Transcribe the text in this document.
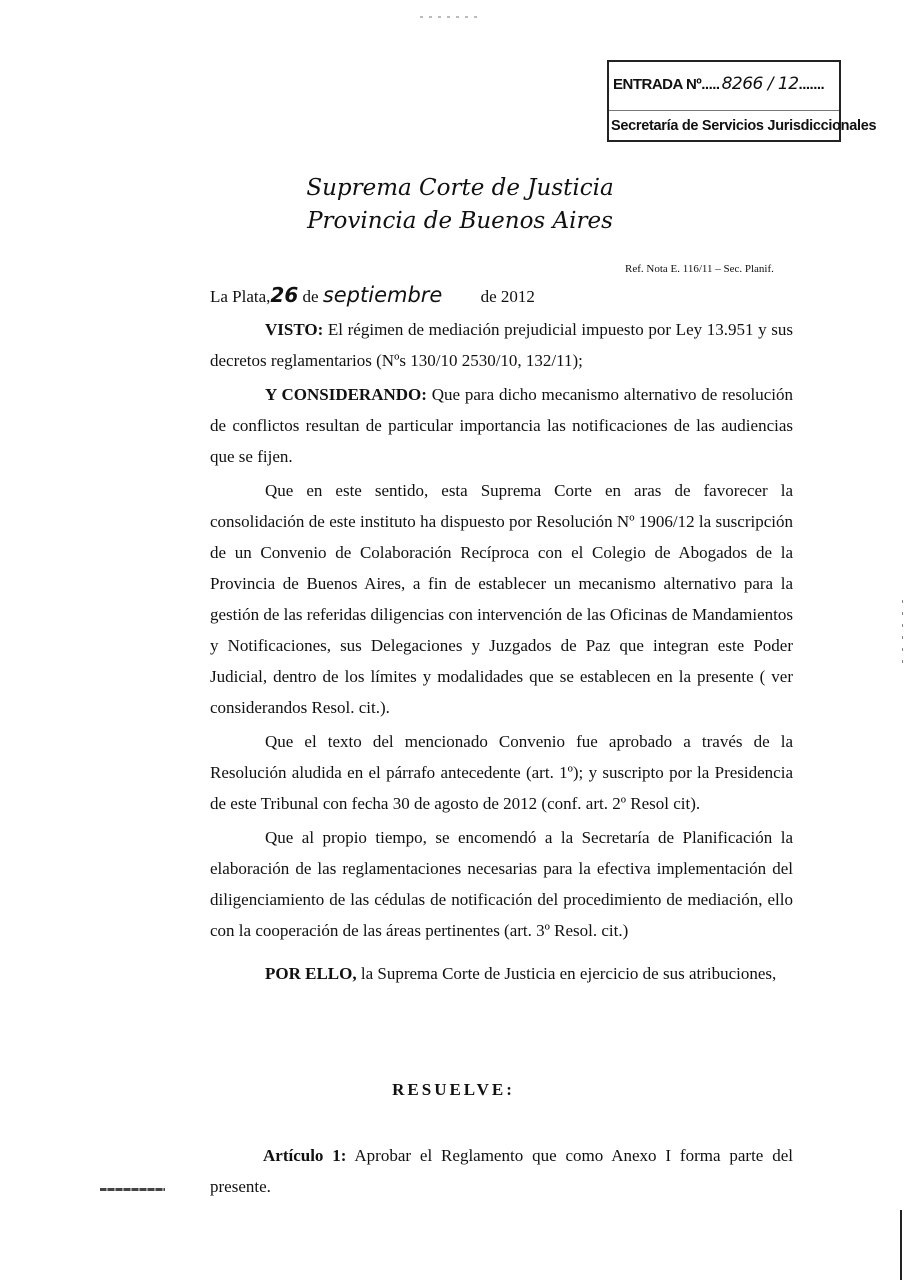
ENTRADA Nº..... 8266 / 12.......
Secretaría de Servicios Jurisdiccionales
Suprema Corte de Justicia
Provincia de Buenos Aires
Ref. Nota E. 116/11 – Sec. Planif.
La Plata,26 de septiembre de 2012

VISTO: El régimen de mediación prejudicial impuesto por Ley 13.951 y sus decretos reglamentarios (Nºs 130/10 2530/10, 132/11);

Y CONSIDERANDO: Que para dicho mecanismo alternativo de resolución de conflictos resultan de particular importancia las notificaciones de las audiencias que se fijen.

Que en este sentido, esta Suprema Corte en aras de favorecer la consolidación de este instituto ha dispuesto por Resolución Nº 1906/12 la suscripción de un Convenio de Colaboración Recíproca con el Colegio de Abogados de la Provincia de Buenos Aires, a fin de establecer un mecanismo alternativo para la gestión de las referidas diligencias con intervención de las Oficinas de Mandamientos y Notificaciones, sus Delegaciones y Juzgados de Paz que integran este Poder Judicial, dentro de los límites y modalidades que se establecen en la presente ( ver considerandos Resol. cit.).

Que el texto del mencionado Convenio fue aprobado a través de la Resolución aludida en el párrafo antecedente (art. 1º); y suscripto por la Presidencia de este Tribunal con fecha 30 de agosto de 2012 (conf. art. 2º Resol cit).

Que al propio tiempo, se encomendó a la Secretaría de Planificación la elaboración de las reglamentaciones necesarias para la efectiva implementación del diligenciamiento de las cédulas de notificación del procedimiento de mediación, ello con la cooperación de las áreas pertinentes (art. 3º Resol. cit.)

POR ELLO, la Suprema Corte de Justicia en ejercicio de sus atribuciones,

RESUELVE:

Artículo 1: Aprobar el Reglamento que como Anexo I forma parte del presente.
